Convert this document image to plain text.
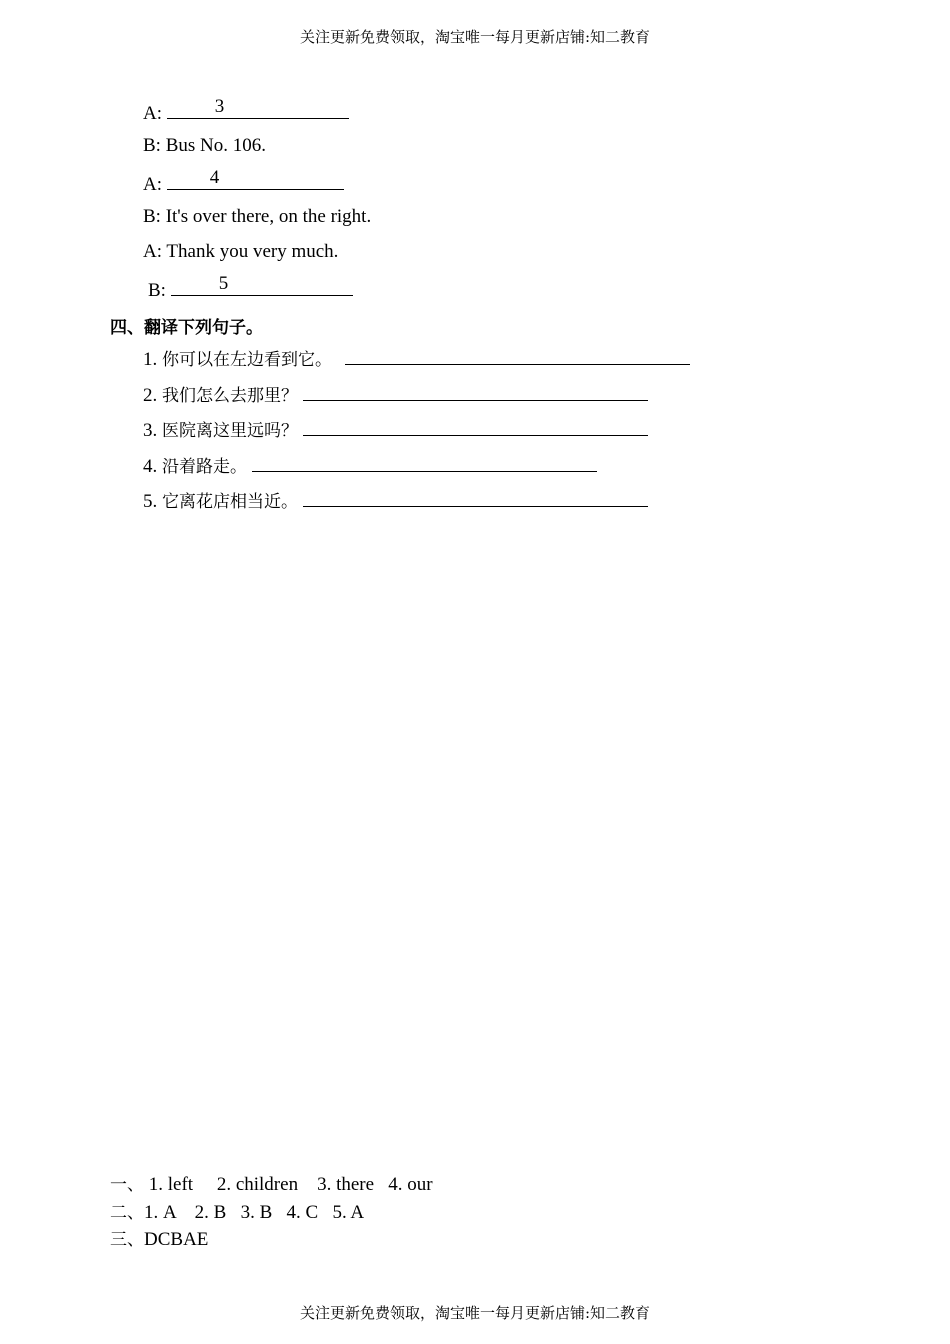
关注更新免费领取，淘宝唯一每月更新店铺:知二教育
A:	3
B: Bus No. 106.
A:	4
B: It's over there, on the right.
A: Thank you very much.
B:	5
四、翻译下列句子。
1. 你可以在左边看到它。
2. 我们怎么去那里？
3. 医院离这里远吗？
4. 沿着路走。
5. 它离花店相当近。
一、 1. left     2. children    3. there   4. our
二、1. A    2. B   3. B   4. C   5. A
三、DCBAE
关注更新免费领取，淘宝唯一每月更新店铺:知二教育
